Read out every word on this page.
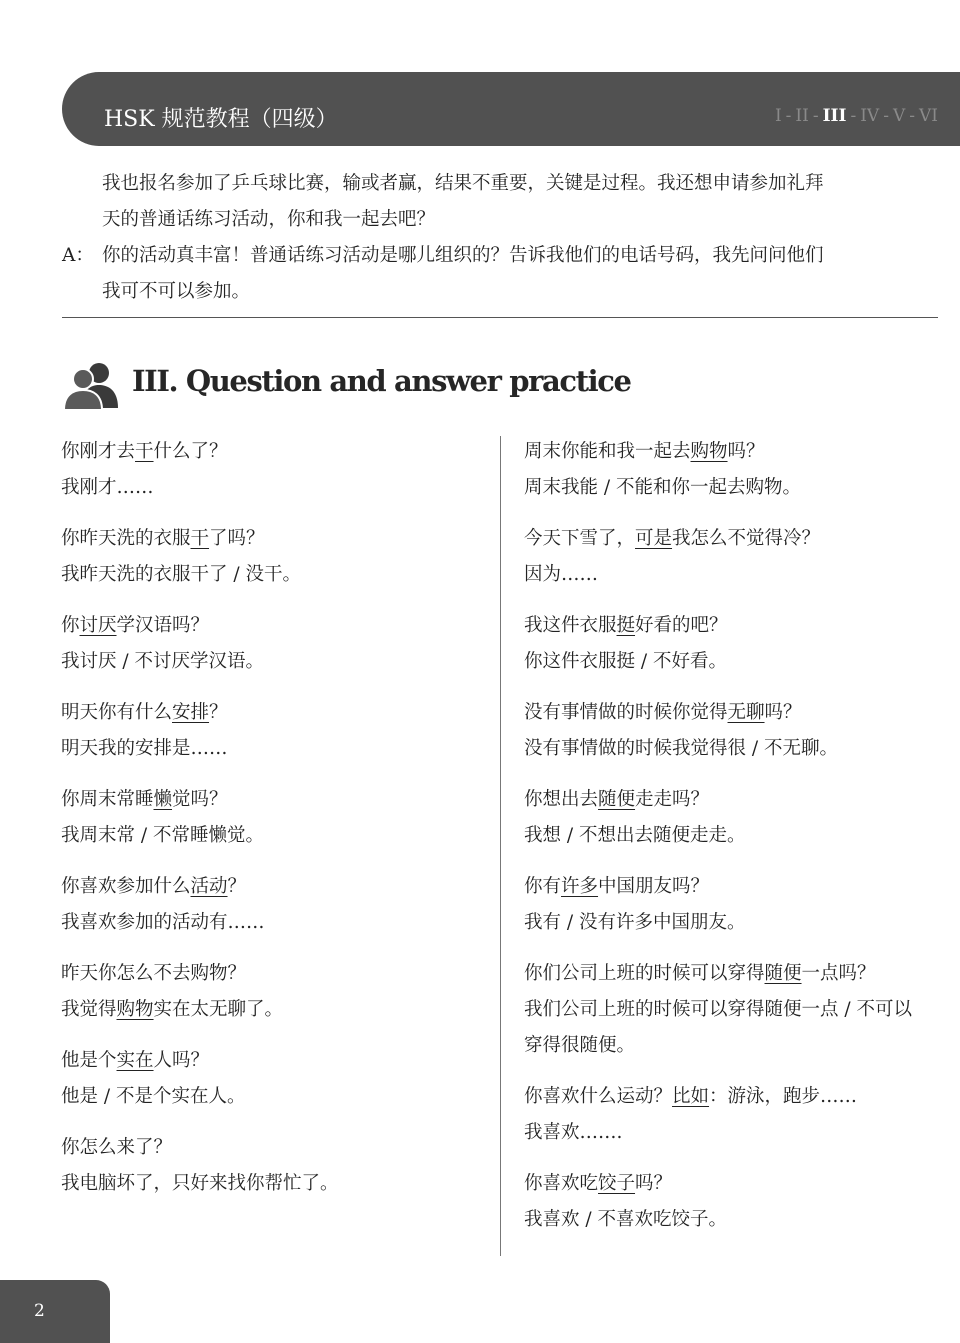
HSK 规范教程（四级）	I - II - III - IV - V - VI

我也报名参加了乒乓球比赛，输或者赢，结果不重要，关键是过程。我还想申请参加礼拜

天的普通话练习活动，你和我一起去吧？

A： 你的活动真丰富！普通话练习活动是哪儿组织的？告诉我他们的电话号码，我先问问他们

我可不可以参加。

III. Question and answer practice
你刚才去干什么了？
我刚才……
你昨天洗的衣服干了吗？
我昨天洗的衣服干了 / 没干。
你讨厌学汉语吗？
我讨厌 / 不讨厌学汉语。
明天你有什么安排？
明天我的安排是……
你周末常睡懒觉吗？
我周末常 / 不常睡懒觉。
你喜欢参加什么活动？
我喜欢参加的活动有……
昨天你怎么不去购物？
我觉得购物实在太无聊了。
他是个实在人吗？
他是 / 不是个实在人。
你怎么来了？
我电脑坏了，只好来找你帮忙了。
周末你能和我一起去购物吗？
周末我能 / 不能和你一起去购物。
今天下雪了，可是我怎么不觉得冷？
因为……
我这件衣服挺好看的吧？
你这件衣服挺 / 不好看。
没有事情做的时候你觉得无聊吗？
没有事情做的时候我觉得很 / 不无聊。
你想出去随便走走吗？
我想 / 不想出去随便走走。
你有许多中国朋友吗？
我有 / 没有许多中国朋友。
你们公司上班的时候可以穿得随便一点吗？
我们公司上班的时候可以穿得随便一点 / 不可以穿得很随便。
你喜欢什么运动？比如：游泳，跑步……
我喜欢…….
你喜欢吃饺子吗？
我喜欢 / 不喜欢吃饺子。
2
